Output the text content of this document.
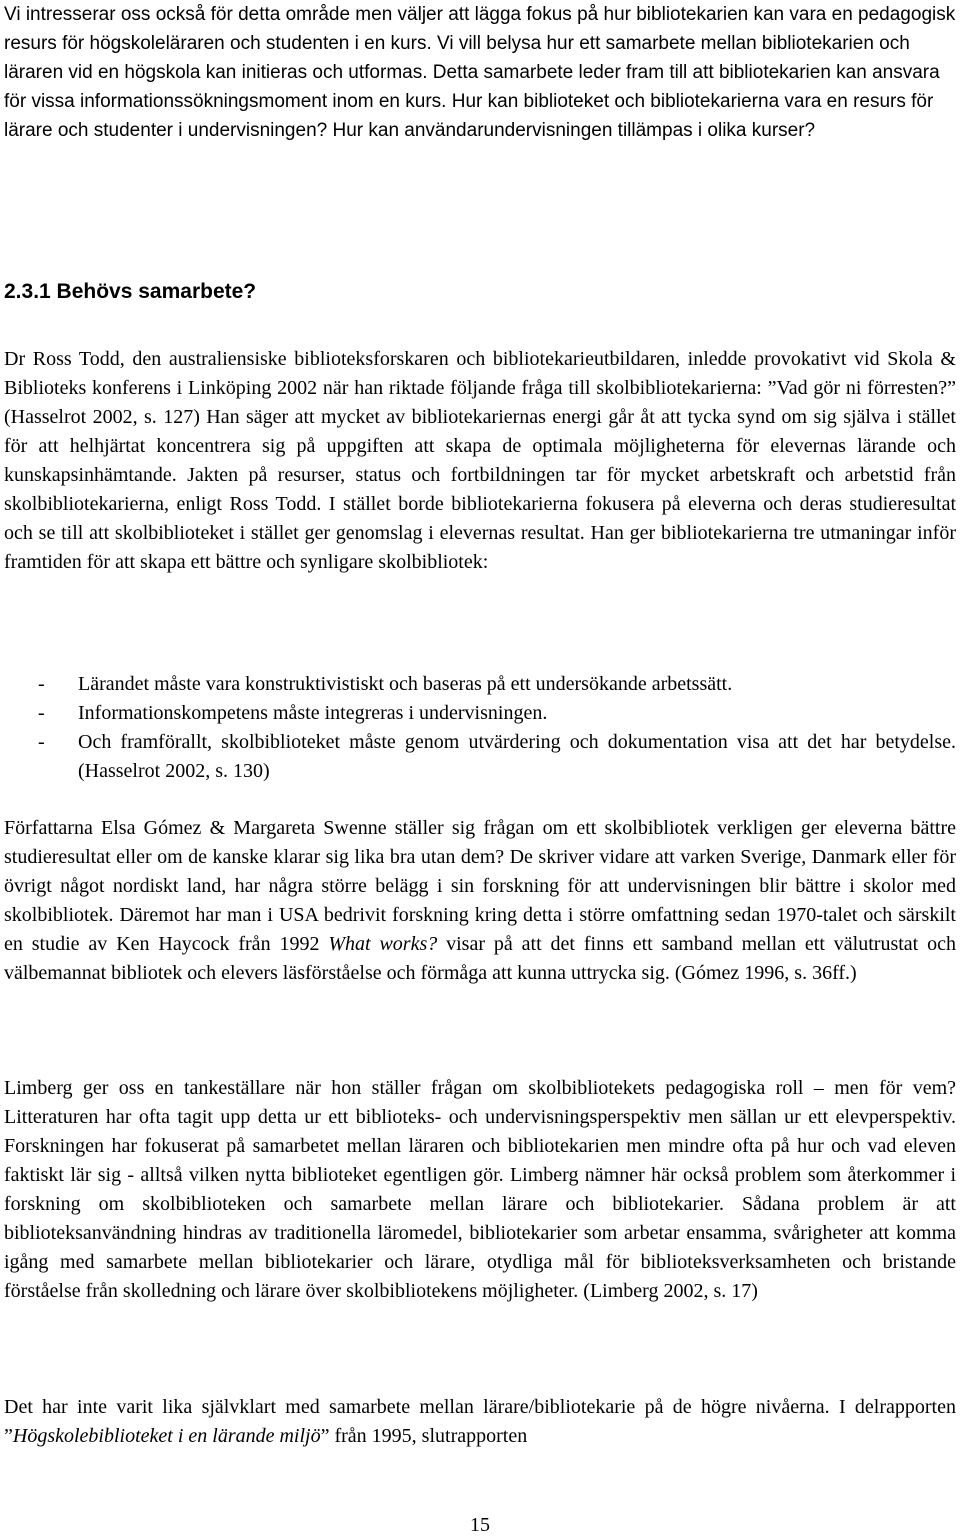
Vi intresserar oss också för detta område men väljer att lägga fokus på hur bibliotekarien kan vara en pedagogisk resurs för högskoleläraren och studenten i en kurs. Vi vill belysa hur ett samarbete mellan bibliotekarien och läraren vid en högskola kan initieras och utformas. Detta samarbete leder fram till att bibliotekarien kan ansvara för vissa informationssökningsmoment inom en kurs. Hur kan biblioteket och bibliotekarierna vara en resurs för lärare och studenter i undervisningen? Hur kan användarundervisningen tillämpas i olika kurser?

2.3.1 Behövs samarbete?

Dr Ross Todd, den australiensiske biblioteksforskaren och bibliotekarieutbildaren, inledde provokativt vid Skola & Biblioteks konferens i Linköping 2002 när han riktade följande fråga till skolbibliotekarierna: ”Vad gör ni förresten?” (Hasselrot 2002, s. 127) Han säger att mycket av bibliotekariernas energi går åt att tycka synd om sig själva i stället för att helhjärtat koncentrera sig på uppgiften att skapa de optimala möjligheterna för elevernas lärande och kunskapsinhämtande. Jakten på resurser, status och fortbildningen tar för mycket arbetskraft och arbetstid från skolbibliotekarierna, enligt Ross Todd. I stället borde bibliotekarierna fokusera på eleverna och deras studieresultat och se till att skolbiblioteket i stället ger genomslag i elevernas resultat. Han ger bibliotekarierna tre utmaningar inför framtiden för att skapa ett bättre och synligare skolbibliotek:

- Lärandet måste vara konstruktivistiskt och baseras på ett undersökande arbetssätt.
- Informationskompetens måste integreras i undervisningen.
- Och framförallt, skolbiblioteket måste genom utvärdering och dokumentation visa att det har betydelse. (Hasselrot 2002, s. 130)

Författarna Elsa Gómez & Margareta Swenne ställer sig frågan om ett skolbibliotek verkligen ger eleverna bättre studieresultat eller om de kanske klarar sig lika bra utan dem? De skriver vidare att varken Sverige, Danmark eller för övrigt något nordiskt land, har några större belägg i sin forskning för att undervisningen blir bättre i skolor med skolbibliotek. Däremot har man i USA bedrivit forskning kring detta i större omfattning sedan 1970-talet och särskilt en studie av Ken Haycock från 1992 What works? visar på att det finns ett samband mellan ett välutrustat och välbemannat bibliotek och elevers läsförståelse och förmåga att kunna uttrycka sig. (Gómez 1996, s. 36ff.)

Limberg ger oss en tankeställare när hon ställer frågan om skolbibliotekets pedagogiska roll – men för vem? Litteraturen har ofta tagit upp detta ur ett biblioteks- och undervisningsperspektiv men sällan ur ett elevperspektiv. Forskningen har fokuserat på samarbetet mellan läraren och bibliotekarien men mindre ofta på hur och vad eleven faktiskt lär sig - alltså vilken nytta biblioteket egentligen gör. Limberg nämner här också problem som återkommer i forskning om skolbiblioteken och samarbete mellan lärare och bibliotekarier. Sådana problem är att biblioteksanvändning hindras av traditionella läromedel, bibliotekarier som arbetar ensamma, svårigheter att komma igång med samarbete mellan bibliotekarier och lärare, otydliga mål för biblioteksverksamheten och bristande förståelse från skolledning och lärare över skolbibliotekens möjligheter. (Limberg 2002, s. 17)

Det har inte varit lika självklart med samarbete mellan lärare/bibliotekarie på de högre nivåerna. I delrapporten ”Högskolebiblioteket i en lärande miljö” från 1995, slutrapporten

15
